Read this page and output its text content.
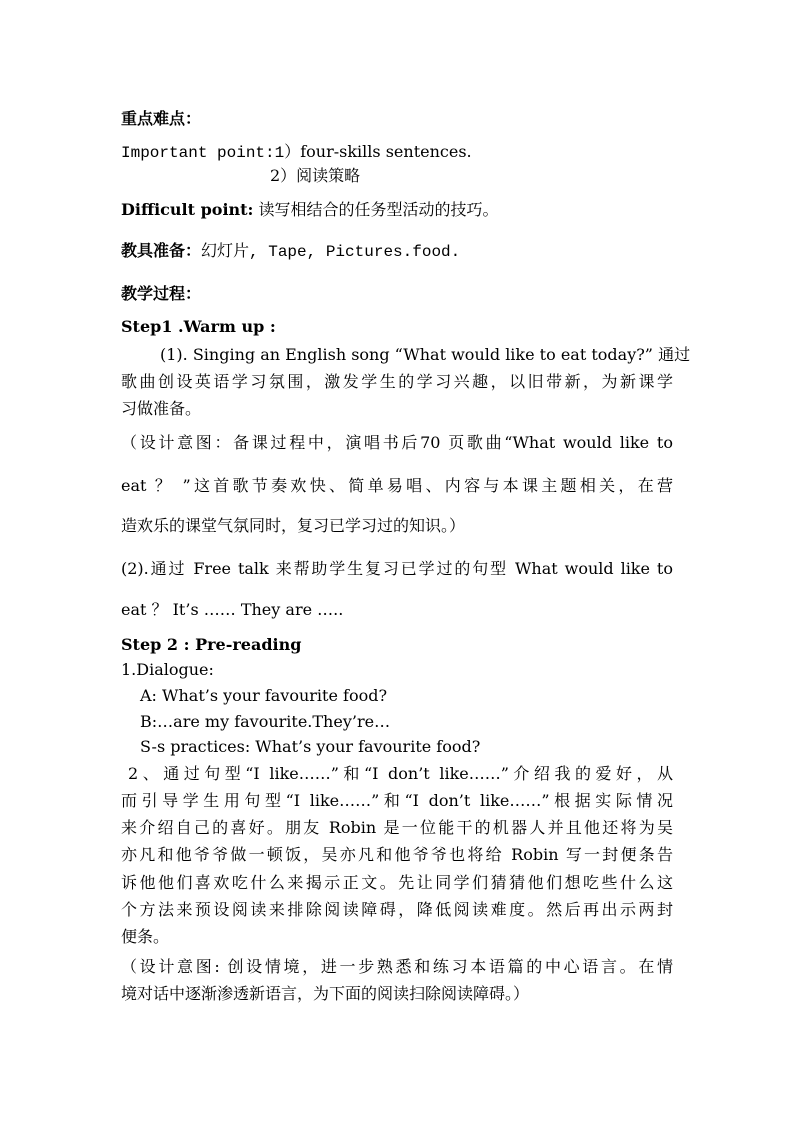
重点难点：
Important point:1）four-skills sentences.
2）阅读策略
Difficult point: 读写相结合的任务型活动的技巧。
教具准备：幻灯片, Tape, Pictures.food.
教学过程：
Step1 .Warm up :
(1). Singing an English song “What would like to eat today?” 通过
歌曲创设英语学习氛围，激发学生的学习兴趣，以旧带新，为新课学
习做准备。
（设计意图：备课过程中，演唱书后70 页歌曲“What would like to
eat ？ ”这首歌节奏欢快、简单易唱、内容与本课主题相关，在营
造欢乐的课堂气氛同时，复习已学习过的知识。）
(2).通过 Free talk 来帮助学生复习已学过的句型 What would like to
eat ？ It’s …… They are …..
Step 2 : Pre-reading
1.Dialogue:
A: What’s your favourite food?
B:…are my favourite.They’re…
S-s practices: What’s your favourite food?
2、通过句型“I like……”和“I don’t like……”介绍我的爱好，从
而引导学生用句型“I like……”和“I don’t like……”根据实际情况
来介绍自己的喜好。朋友 Robin 是一位能干的机器人并且他还将为吴
亦凡和他爷爷做一顿饭，吴亦凡和他爷爷也将给 Robin 写一封便条告
诉他他们喜欢吃什么来揭示正文。先让同学们猜猜他们想吃些什么这
个方法来预设阅读来排除阅读障碍，降低阅读难度。然后再出示两封
便条。
（设计意图: 创设情境，进一步熟悉和练习本语篇的中心语言。在情
境对话中逐渐渗透新语言，为下面的阅读扫除阅读障碍。）
